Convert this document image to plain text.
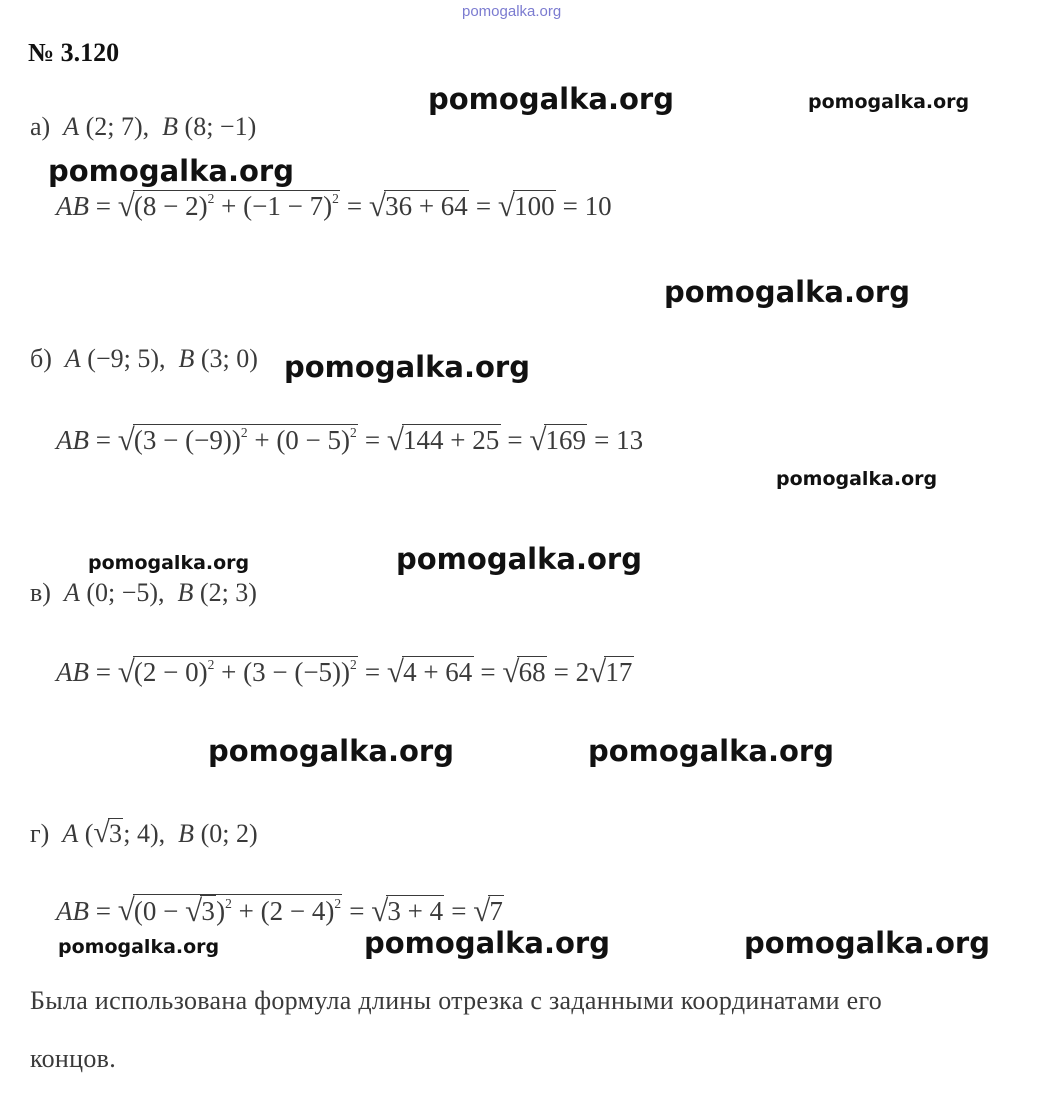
pomogalka.org
№ 3.120
pomogalka.org	pomogalka.org
pomogalka.org
pomogalka.org
pomogalka.org
pomogalka.org
pomogalka.org	pomogalka.org
pomogalka.org	pomogalka.org
pomogalka.org	pomogalka.org	pomogalka.org
а) A (2; 7), B (8; −1)
AB = √ $(8 - 2)^2 + (-1 - 7)^2$ = √ 36 + 64 = √ 100 = 10
б) A (−9; 5), B (3; 0)
AB = √ $(3 - (-9))^2 + (0 - 5)^2$ = √ 144 + 25 = √ 169 = 13
в) A (0; −5), B (2; 3)
AB = √ $(2 - 0)^2 + (3 - (-5))^2$ = √ 4 + 64 = √ 68 = 2 √ 17
г) A ( √ 3; 4), B (0; 2)
AB = √ (0 − √ $3)^2 + (2 - 4)^2$ = √ 3 + 4 = √ 7
Была использована формула длины отрезка с заданными координатами его
концов.
